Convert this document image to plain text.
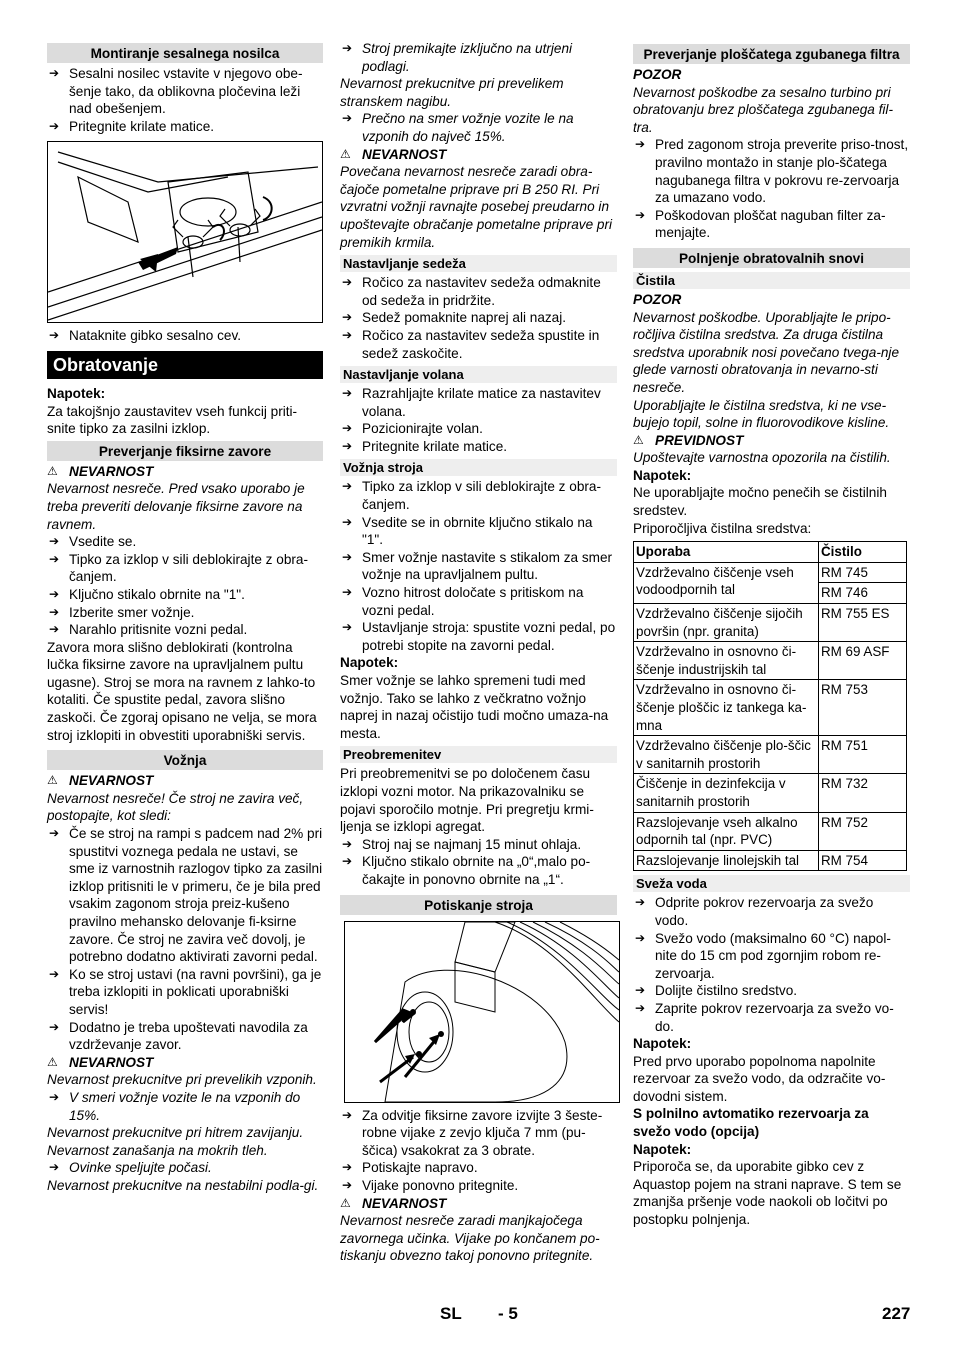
Montiranje sesalnega nosilca

➔ Sesalni nosilec vstavite v njegovo obe-šenje tako, da oblikovna pločevina leži nad obešenjem.

➔ Pritegnite krilate matice.

➔ Nataknite gibko sesalno cev.

Obratovanje

Napotek:

Za takojšnjo zaustavitev vseh funkcij priti-snite tipko za zasilni izklop.

Preverjanje fiksirne zavore

⚠ NEVARNOST

Nevarnost nesreče. Pred vsako uporabo je treba preveriti delovanje fiksirne zavore na ravnem.

➔ Vsedite se.

➔ Tipko za izklop v sili deblokirajte z obra-čanjem.

➔ Ključno stikalo obrnite na "1".

➔ Izberite smer vožnje.

➔ Narahlo pritisnite vozni pedal.

Zavora mora slišno deblokirati (kontrolna lučka fiksirne zavore na upravljalnem pultu ugasne). Stroj se mora na ravnem z lahko-to kotaliti. Če spustite pedal, zavora slišno zaskoči. Če zgoraj opisano ne velja, se mora stroj izklopiti in obvestiti uporabniški servis.

Vožnja

⚠ NEVARNOST

Nevarnost nesreče! Če stroj ne zavira več, postopajte, kot sledi:

➔ Če se stroj na rampi s padcem nad 2% pri spustitvi voznega pedala ne ustavi, se sme iz varnostnih razlogov tipko za zasilni izklop pritisniti le v primeru, če je bila pred vsakim zagonom stroja preiz-kušeno pravilno mehansko delovanje fi-ksirne zavore. Če stroj ne zavira več dovolj, je potrebno dodatno aktivirati zavorni pedal.

➔ Ko se stroj ustavi (na ravni površini), ga je treba izklopiti in poklicati uporabniški servis!

➔ Dodatno je treba upoštevati navodila za vzdrževanje zavor.

⚠ NEVARNOST

Nevarnost prekucnitve pri prevelikih vzponih.

➔ V smeri vožnje vozite le na vzponih do 15%.

Nevarnost prekucnitve pri hitrem zavijanju. Nevarnost zanašanja na mokrih tleh.

➔ Ovinke speljujte počasi.

Nevarnost prekucnitve na nestabilni podla-gi.

➔ Stroj premikajte izključno na utrjeni podlagi.

Nevarnost prekucnitve pri prevelikem stranskem nagibu.

➔ Prečno na smer vožnje vozite le na vzponih do največ 15%.

⚠ NEVARNOST

Povečana nevarnost nesreče zaradi obra-čajoče pometalne priprave pri B 250 RI. Pri vzvratni vožnji ravnajte posebej preudarno in upoštevajte obračanje pometalne priprave pri premikih krmila.

Nastavljanje sedeža

➔ Ročico za nastavitev sedeža odmaknite od sedeža in pridržite.

➔ Sedež pomaknite naprej ali nazaj.

➔ Ročico za nastavitev sedeža spustite in sedež zaskočite.

Nastavljanje volana

➔ Razrahljajte krilate matice za nastavitev volana.

➔ Pozicionirajte volan.

➔ Pritegnite krilate matice.

Vožnja stroja

➔ Tipko za izklop v sili deblokirajte z obra-čanjem.

➔ Vsedite se in obrnite ključno stikalo na "1".

➔ Smer vožnje nastavite s stikalom za smer vožnje na upravljalnem pultu.

➔ Vozno hitrost določate s pritiskom na vozni pedal.

➔ Ustavljanje stroja: spustite vozni pedal, po potrebi stopite na zavorni pedal.

Napotek:

Smer vožnje se lahko spremeni tudi med vožnjo. Tako se lahko z večkratno vožnjo naprej in nazaj očistijo tudi močno umaza-na mesta.

Preobremenitev

Pri preobremenitvi se po določenem času izklopi vozni motor. Na prikazovalniku se pojavi sporočilo motnje. Pri pregretju krmi-ljenja se izklopi agregat.

➔ Stroj naj se najmanj 15 minut ohlaja.

➔ Ključno stikalo obrnite na „0“,malo po-čakajte in ponovno obrnite na „1“.

Potiskanje stroja

➔ Za odvitje fiksirne zavore izvijte 3 šeste-robne vijake z zevjo ključa 7 mm (pu-ščica) vsakokrat za 3 obrate.

➔ Potiskajte napravo.

➔ Vijake ponovno pritegnite.

⚠ NEVARNOST

Nevarnost nesreče zaradi manjkajočega zavornega učinka. Vijake po končanem po-tiskanju obvezno takoj ponovno pritegnite.

Preverjanje ploščatega zgubanega filtra

POZOR

Nevarnost poškodbe za sesalno turbino pri obratovanju brez ploščatega zgubanega fil-tra.

➔ Pred zagonom stroja preverite priso-tnost, pravilno montažo in stanje plo-ščatega nagubanega filtra v pokrovu re-zervoarja za umazano vodo.

➔ Poškodovan ploščat naguban filter za-menjajte.

Polnjenje obratovalnih snovi
Čistila

POZOR

Nevarnost poškodbe. Uporabljajte le pripo-ročljiva čistilna sredstva. Za druga čistilna sredstva uporabnik nosi povečano tvega-nje glede varnosti obratovanja in nevarno-sti nesreče.

Uporabljajte le čistilna sredstva, ki ne vse-bujejo topil, solne in fluorovodikove kisline.

⚠ PREVIDNOST

Upoštevajte varnostna opozorila na čistilih.

Napotek:

Ne uporabljajte močno penečih se čistilnih sredstev.

Priporočljiva čistilna sredstva:

Uporaba	Čistilo
Vzdrževalno čiščenje vseh vodoodpornih tal	RM 745
	RM 746
Vzdrževalno čiščenje sijočih površin (npr. granita)	RM 755 ES
Vzdrževalno in osnovno či-ščenje industrijskih tal	RM 69 ASF
Vzdrževalno in osnovno či-ščenje ploščic iz tankega ka-mna	RM 753
Vzdrževalno čiščenje plo-ščic v sanitarnih prostorih	RM 751
Čiščenje in dezinfekcija v sanitarnih prostorih	RM 732
Razslojevanje vseh alkalno odpornih tal (npr. PVC)	RM 752
Razslojevanje linolejskih tal	RM 754
Sveža voda

➔ Odprite pokrov rezervoarja za svežo vodo.

➔ Svežo vodo (maksimalno 60 °C) napol-nite do 15 cm pod zgornjim robom re-zervoarja.

➔ Dolijte čistilno sredstvo.

➔ Zaprite pokrov rezervoarja za svežo vo-do.

Napotek:

Pred prvo uporabo popolnoma napolnite rezervoar za svežo vodo, da odzračite vo-dovodni sistem.

S polnilno avtomatiko rezervoarja za svežo vodo (opcija)

Napotek:

Priporoča se, da uporabite gibko cev z Aquastop pojem na strani naprave. S tem se zmanjša pršenje vode naokoli ob ločitvi po postopku polnjenja.

SL - 5	227
